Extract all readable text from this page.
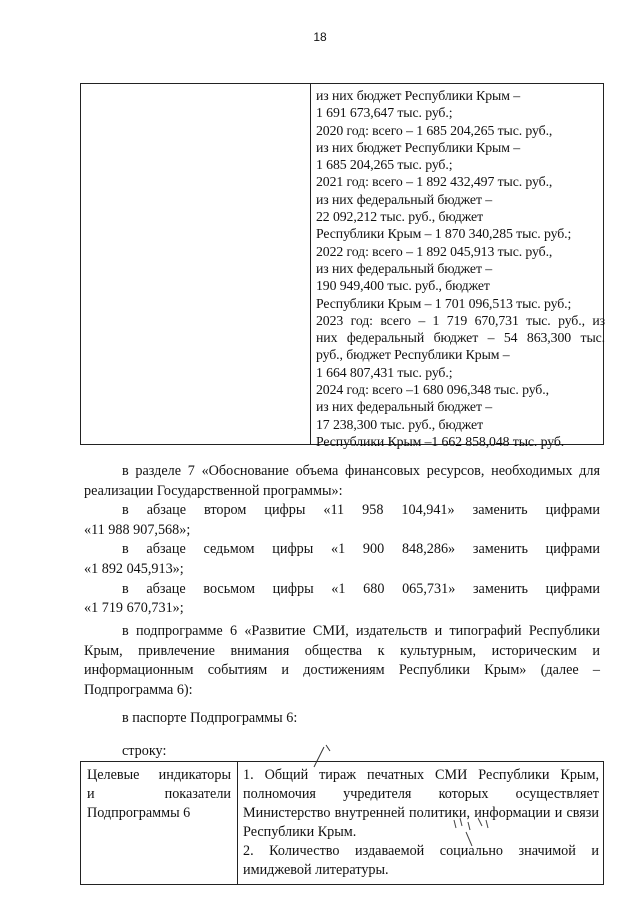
18
из них бюджет Республики Крым –
1 691 673,647 тыс. руб.;
2020 год: всего – 1 685 204,265 тыс. руб.,
из них бюджет Республики Крым –
1 685 204,265 тыс. руб.;
2021 год: всего – 1 892 432,497 тыс. руб.,
из них федеральный бюджет –
22 092,212 тыс. руб., бюджет
Республики Крым – 1 870 340,285 тыс. руб.;
2022 год: всего – 1 892 045,913 тыс. руб.,
из них федеральный бюджет –
190 949,400 тыс. руб., бюджет
Республики Крым – 1 701 096,513 тыс. руб.;
2023 год: всего – 1 719 670,731 тыс. руб., из
них федеральный бюджет – 54 863,300 тыс.
руб., бюджет Республики Крым –
1 664 807,431 тыс. руб.;
2024 год: всего –1 680 096,348 тыс. руб.,
из них федеральный бюджет –
17 238,300 тыс. руб., бюджет
Республики Крым –1 662 858,048 тыс. руб.
в разделе 7 «Обоснование объема финансовых ресурсов, необходимых для
реализации Государственной программы»:
в абзаце втором цифры «11 958 104,941» заменить цифрами
«11 988 907,568»;
в абзаце седьмом цифры «1 900 848,286» заменить цифрами
«1 892 045,913»;
в абзаце восьмом цифры «1 680 065,731» заменить цифрами
«1 719 670,731»;
в подпрограмме 6 «Развитие СМИ, издательств и типографий Республики Крым, привлечение внимания общества к культурным, историческим и информационным событиям и достижениям Республики Крым» (далее – Подпрограмма 6):
в паспорте Подпрограммы 6:
строку:
Целевые индикаторы
и показатели
Подпрограммы 6
1. Общий тираж печатных СМИ Республики Крым, полномочия учредителя которых осуществляет Министерство внутренней политики, информации и связи Республики Крым.
2. Количество издаваемой социально значимой и имиджевой литературы.
